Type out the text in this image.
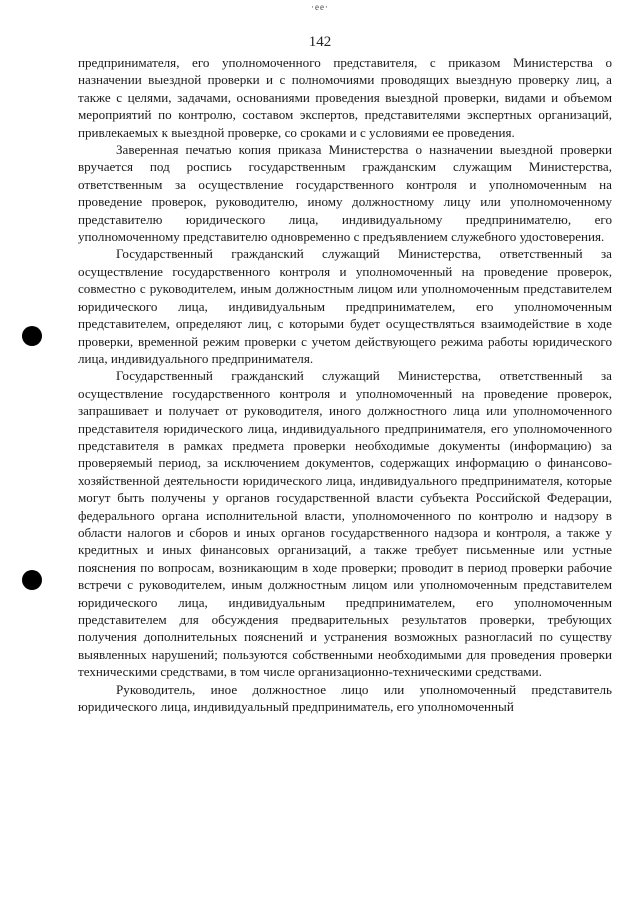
·ее·
142

предпринимателя, его уполномоченного представителя, с приказом Министерства о назначении выездной проверки и с полномочиями проводящих выездную проверку лиц, а также с целями, задачами, основаниями проведения выездной проверки, видами и объемом мероприятий по контролю, составом экспертов, представителями экспертных организаций, привлекаемых к выездной проверке, со сроками и с условиями ее проведения.

Заверенная печатью копия приказа Министерства о назначении выездной проверки вручается под роспись государственным гражданским служащим Министерства, ответственным за осуществление государственного контроля и уполномоченным на проведение проверок, руководителю, иному должностному лицу или уполномоченному представителю юридического лица, индивидуальному предпринимателю, его уполномоченному представителю одновременно с предъявлением служебного удостоверения.

Государственный гражданский служащий Министерства, ответственный за осуществление государственного контроля и уполномоченный на проведение проверок, совместно с руководителем, иным должностным лицом или уполномоченным представителем юридического лица, индивидуальным предпринимателем, его уполномоченным представителем, определяют лиц, с которыми будет осуществляться взаимодействие в ходе проверки, временной режим проверки с учетом действующего режима работы юридического лица, индивидуального предпринимателя.

Государственный гражданский служащий Министерства, ответственный за осуществление государственного контроля и уполномоченный на проведение проверок, запрашивает и получает от руководителя, иного должностного лица или уполномоченного представителя юридического лица, индивидуального предпринимателя, его уполномоченного представителя в рамках предмета проверки необходимые документы (информацию) за проверяемый период, за исключением документов, содержащих информацию о финансово-хозяйственной деятельности юридического лица, индивидуального предпринимателя, которые могут быть получены у органов государственной власти субъекта Российской Федерации, федерального органа исполнительной власти, уполномоченного по контролю и надзору в области налогов и сборов и иных органов государственного надзора и контроля, а также у кредитных и иных финансовых организаций, а также требует письменные или устные пояснения по вопросам, возникающим в ходе проверки; проводит в период проверки рабочие встречи с руководителем, иным должностным лицом или уполномоченным представителем юридического лица, индивидуальным предпринимателем, его уполномоченным представителем для обсуждения предварительных результатов проверки, требующих получения дополнительных пояснений и устранения возможных разногласий по существу выявленных нарушений; пользуются собственными необходимыми для проведения проверки техническими средствами, в том числе организационно-техническими средствами.

Руководитель, иное должностное лицо или уполномоченный представитель юридического лица, индивидуальный предприниматель, его уполномоченный
